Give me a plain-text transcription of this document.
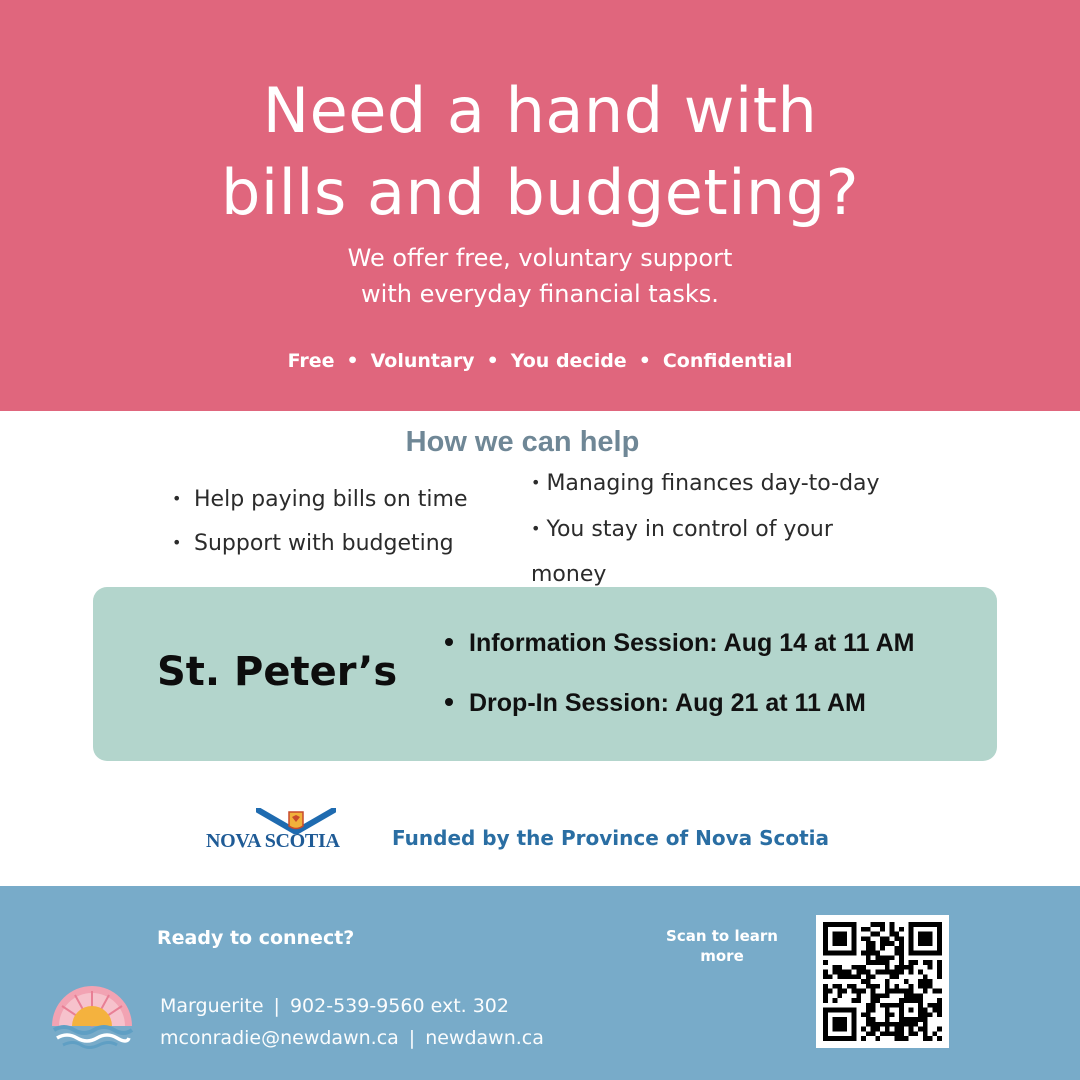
Need a hand with
bills and budgeting?
We offer free, voluntary support
with everyday financial tasks.
Free • Voluntary • You decide • Confidential
How we can help
• Help paying bills on time
• Support with budgeting
• Managing finances day-to-day
• You stay in control of your money
St. Peter’s
Information Session: Aug 14 at 11 AM
Drop-In Session: Aug 21 at 11 AM
NOVA SCOTIA	Funded by the Province of Nova Scotia
Ready to connect?
Marguerite | 902-539-9560 ext. 302
mconradie@newdawn.ca | newdawn.ca
Scan to learn
more
